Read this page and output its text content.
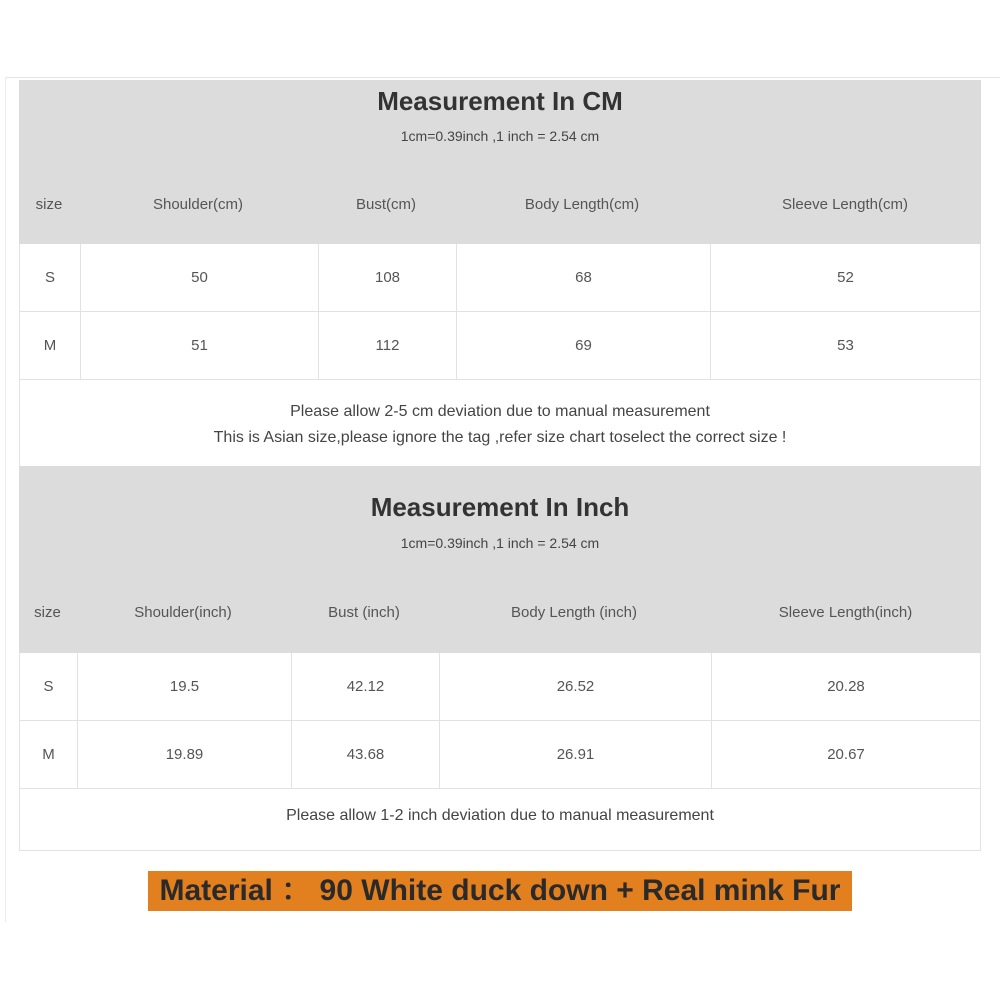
Measurement In CM
1cm=0.39inch ,1 inch = 2.54 cm
size	Shoulder(cm)	Bust(cm)	Body Length(cm)	Sleeve Length(cm)
S	50	108	68	52
M	51	112	69	53
Please allow 2-5 cm deviation due to manual measurement
This is Asian size,please ignore the tag ,refer size chart toselect the correct size !
Measurement In Inch
1cm=0.39inch ,1 inch = 2.54 cm
size	Shoulder(inch)	Bust (inch)	Body Length (inch)	Sleeve Length(inch)
S	19.5	42.12	26.52	20.28
M	19.89	43.68	26.91	20.67
Please allow 1-2 inch deviation due to manual measurement
Material ： 90 White duck down + Real mink Fur
